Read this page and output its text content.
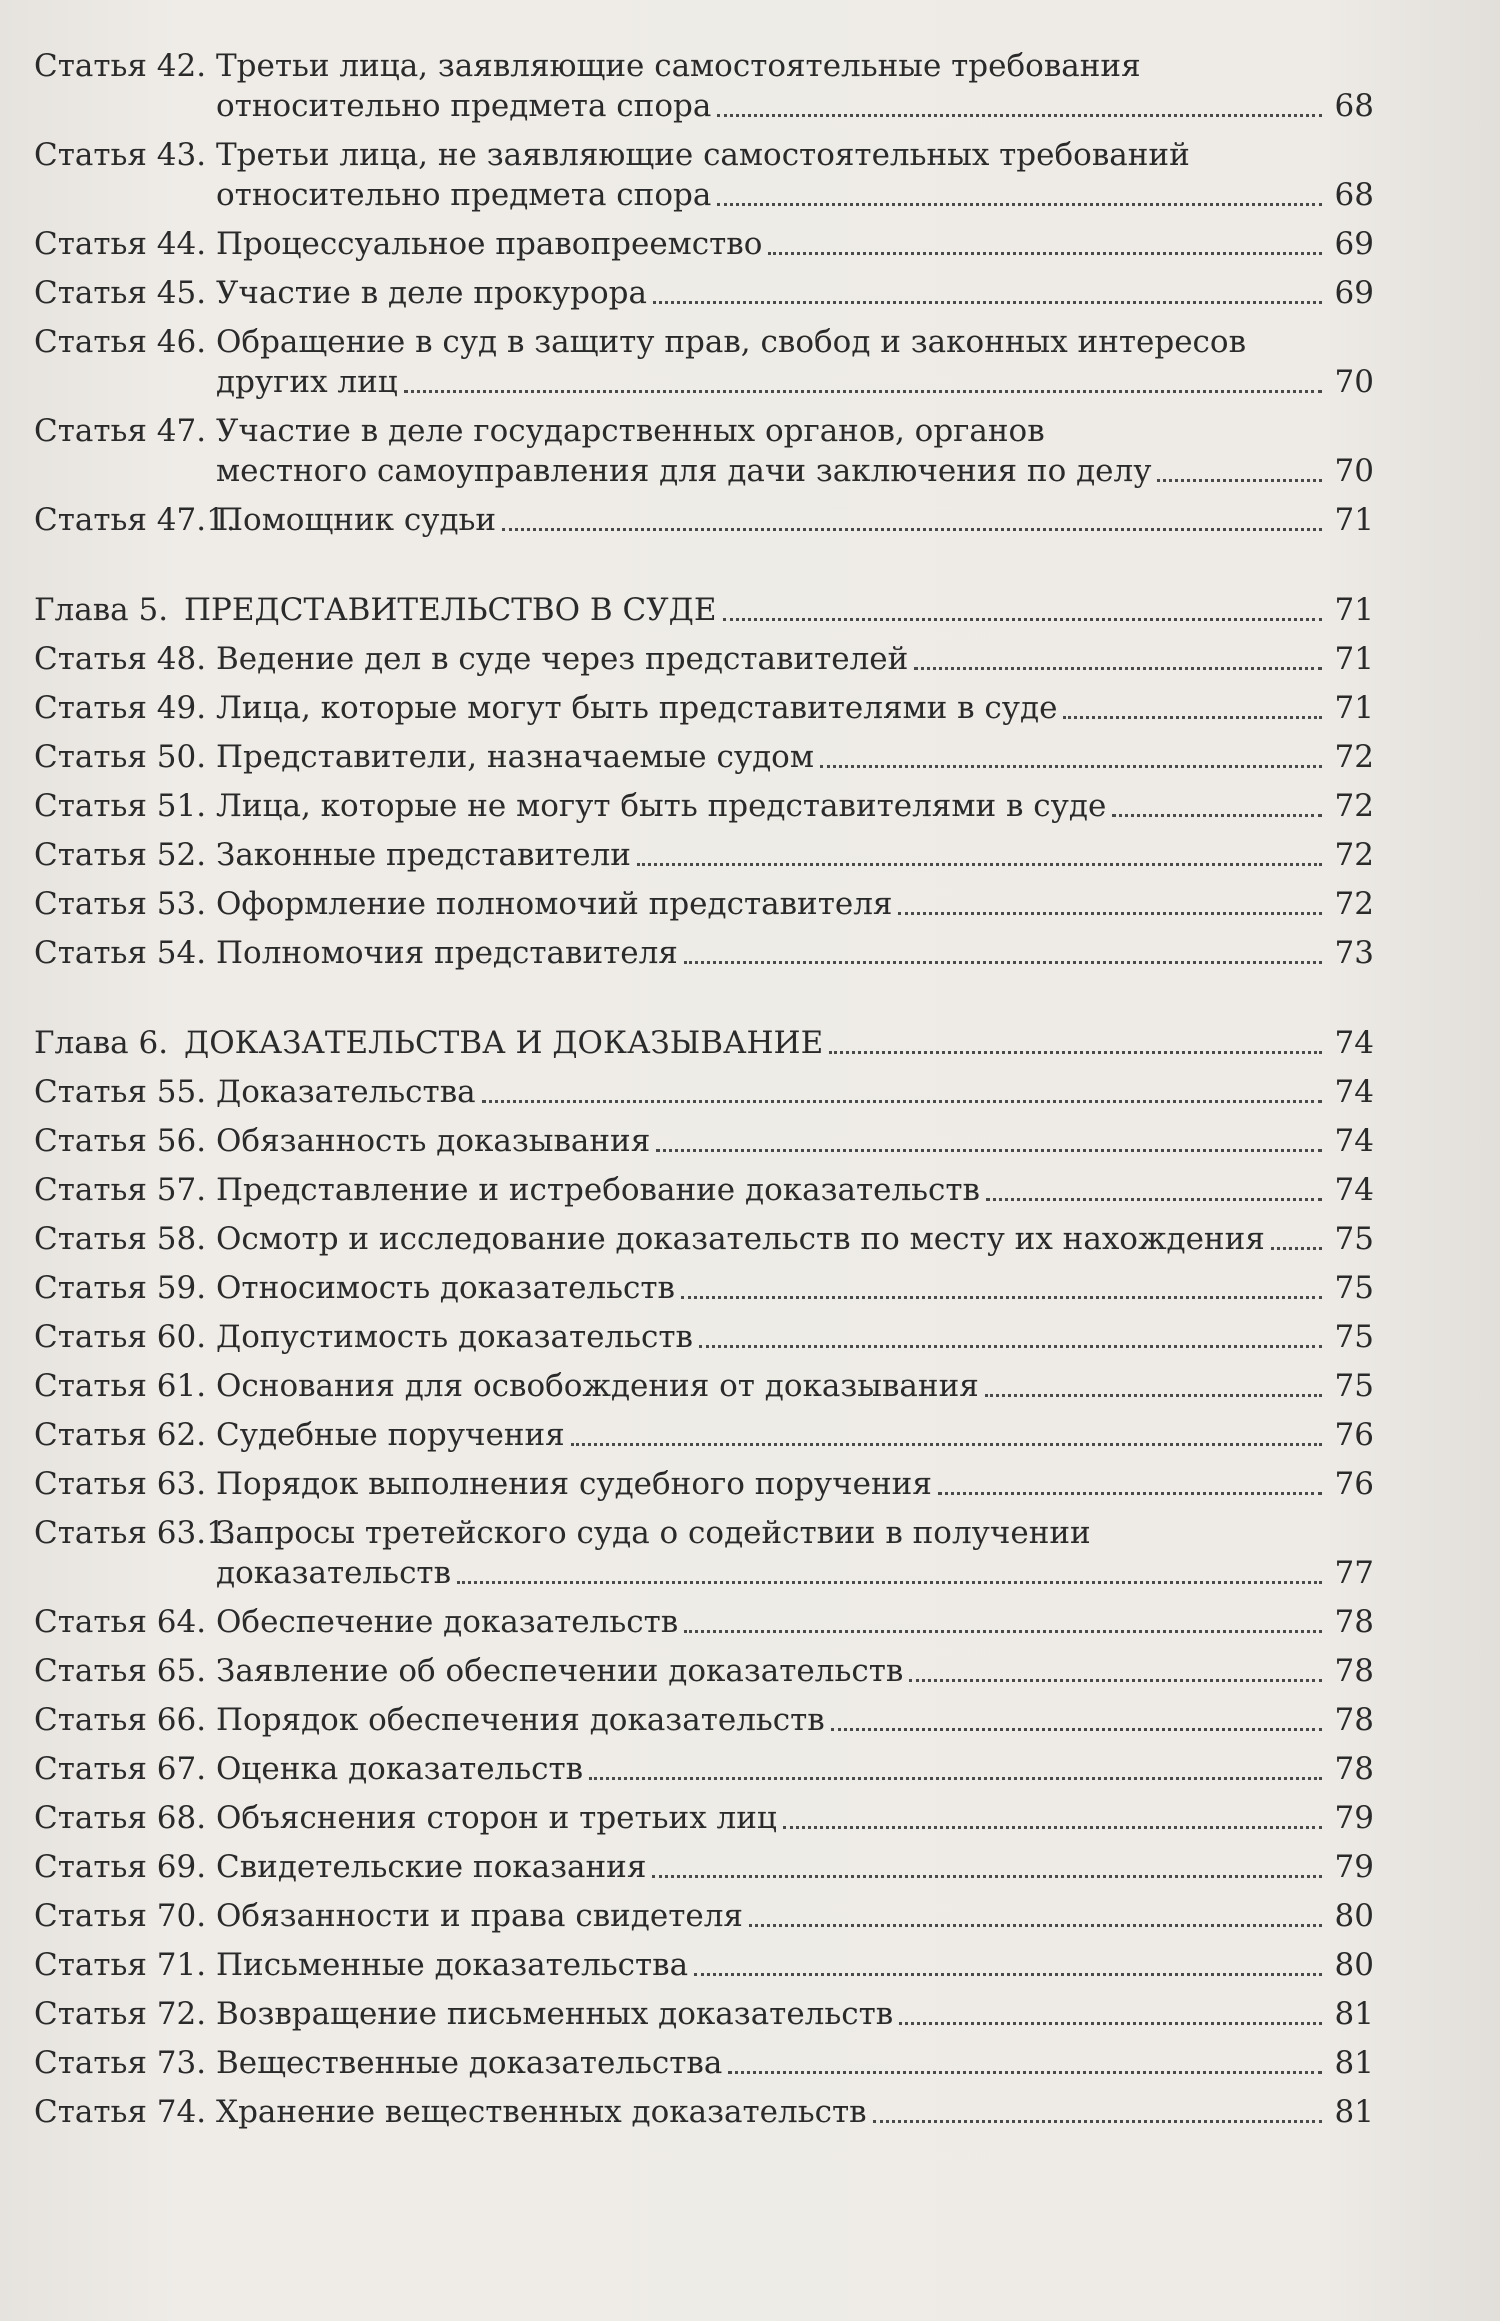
Статья 42. Третьи лица, заявляющие самостоятельные требования
относительно предмета спора	68
Статья 43. Третьи лица, не заявляющие самостоятельных требований
относительно предмета спора	68
Статья 44. Процессуальное правопреемство	69
Статья 45. Участие в деле прокурора	69
Статья 46. Обращение в суд в защиту прав, свобод и законных интересов
других лиц	70
Статья 47. Участие в деле государственных органов, органов
местного самоуправления для дачи заключения по делу	70
Статья 47.1.
Помощник судьи	71
Глава 5. ПРЕДСТАВИТЕЛЬСТВО В СУДЕ	71
Статья 48. Ведение дел в суде через представителей	71
Статья 49. Лица, которые могут быть представителями в суде	71
Статья 50. Представители, назначаемые судом	72
Статья 51. Лица, которые не могут быть представителями в суде	72
Статья 52. Законные представители	72
Статья 53. Оформление полномочий представителя	72
Статья 54. Полномочия представителя	73
Глава 6. ДОКАЗАТЕЛЬСТВА И ДОКАЗЫВАНИЕ	74
Статья 55. Доказательства	74
Статья 56. Обязанность доказывания	74
Статья 57. Представление и истребование доказательств	74
Статья 58. Осмотр и исследование доказательств по месту их нахождения 75
Статья 59. Относимость доказательств	75
Статья 60. Допустимость доказательств	75
Статья 61. Основания для освобождения от доказывания	75
Статья 62. Судебные поручения	76
Статья 63. Порядок выполнения судебного поручения	76
Статья 63.1.
Запросы третейского суда о содействии в получении
доказательств	77
Статья 64. Обеспечение доказательств	78
Статья 65. Заявление об обеспечении доказательств	78
Статья 66. Порядок обеспечения доказательств	78
Статья 67. Оценка доказательств	78
Статья 68. Объяснения сторон и третьих лиц	79
Статья 69. Свидетельские показания	79
Статья 70. Обязанности и права свидетеля	80
Статья 71. Письменные доказательства	80
Статья 72. Возвращение письменных доказательств	81
Статья 73. Вещественные доказательства	81
Статья 74. Хранение вещественных доказательств	81
